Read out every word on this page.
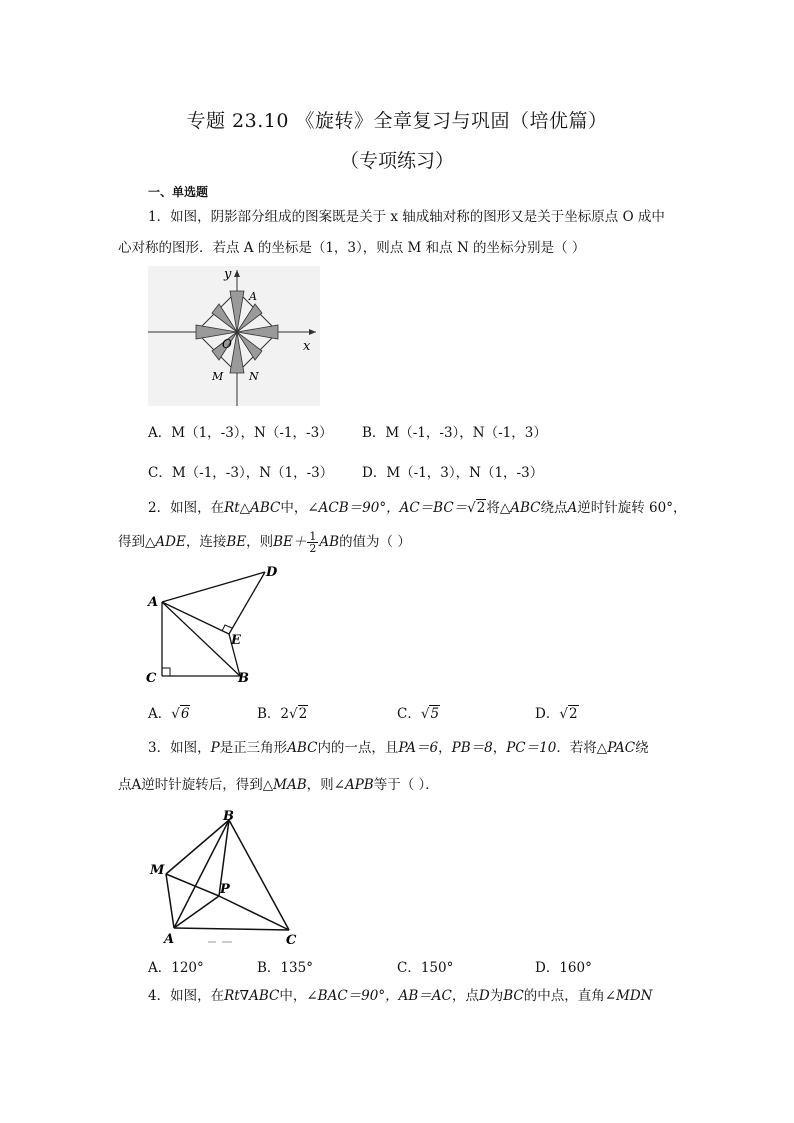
专题 23.10 《旋转》全章复习与巩固（培优篇）
（专项练习）
一、单选题
1．如图，阴影部分组成的图案既是关于 x 轴成轴对称的图形又是关于坐标原点 O 成中
心对称的图形．若点 A 的坐标是（1，3），则点 M 和点 N 的坐标分别是（ ）
y
x
O
A
M N
A．M（1，-3），N（-1，-3） B．M（-1，-3），N（-1，3）
C．M（-1，-3），N（1，-3） D．M（-1，3），N（1，-3）
2．如图，在Rt△ABC中，∠ACB＝90°，AC＝BC＝√2将△ABC绕点A逆时针旋转 60°，
得到△ADE，连接BE，则$BE+ \frac{1}{2}$ AB的值为（ ）
A
D
E
C	B
A．√6	B．2√2	C．√5	D．√2
3．如图，P是正三角形ABC内的一点，且PA＝6，PB＝8，PC＝10．若将△PAC绕
点A逆时针旋转后，得到△MAB，则∠APB等于（ ）．
B
M
P
A	C
A．120°	B．135°	C．150°	D．160°
4．如图，在Rt∇ABC中，∠BAC＝90°，AB＝AC，点D为BC的中点，直角∠MDN
